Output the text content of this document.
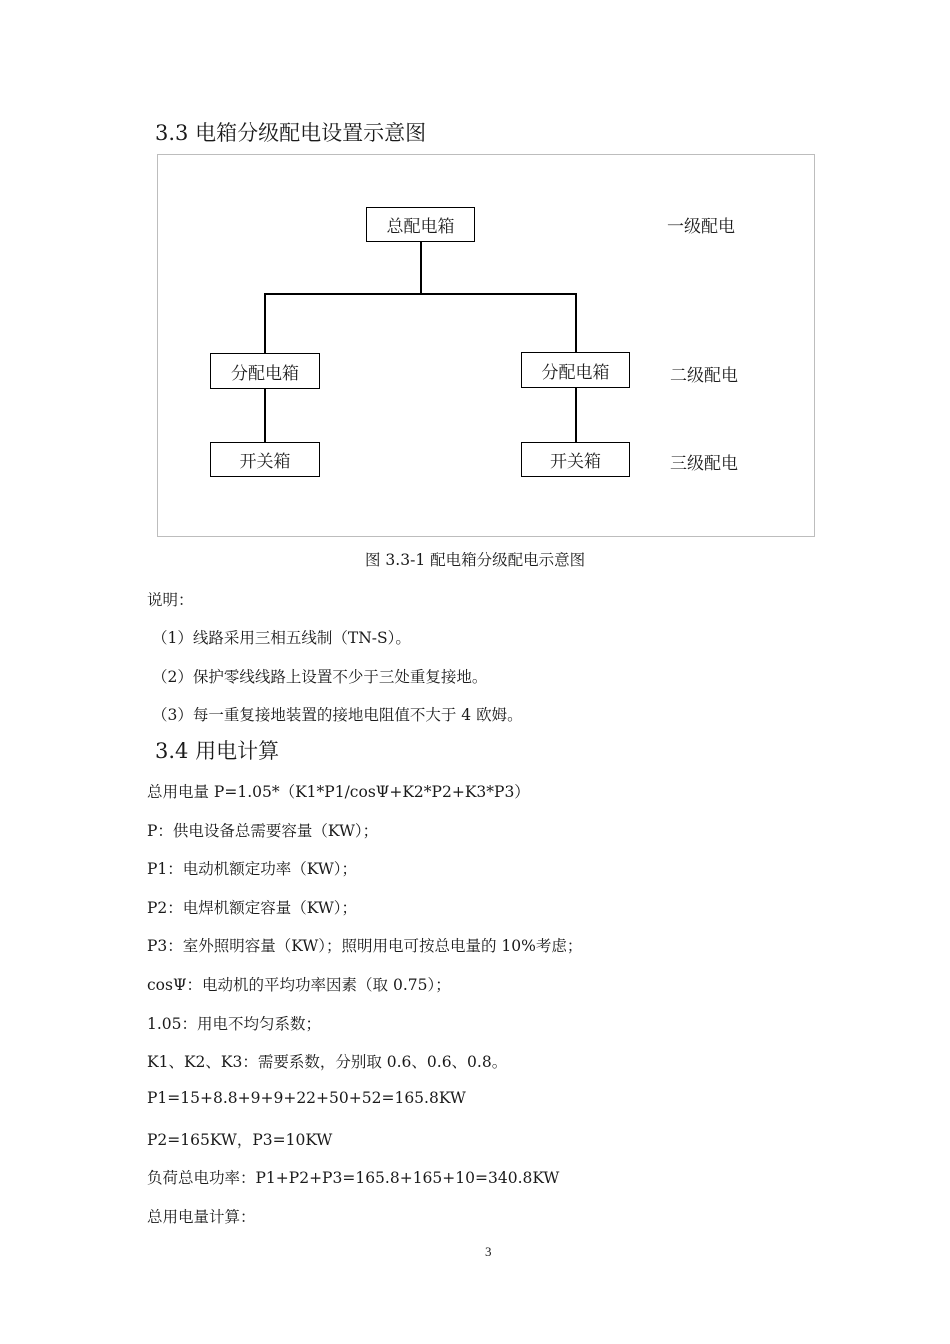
3.3 电箱分级配电设置示意图
总配电箱
分配电箱	分配电箱
开关箱	开关箱
一级配电
二级配电
三级配电
图 3.3-1 配电箱分级配电示意图
说明：
（1）线路采用三相五线制（TN-S）。
（2）保护零线线路上设置不少于三处重复接地。
（3）每一重复接地装置的接地电阻值不大于 4 欧姆。
3.4 用电计算
总用电量 P=1.05*（K1*P1/cosΨ+K2*P2+K3*P3）
P：供电设备总需要容量（KW）；
P1：电动机额定功率（KW）；
P2：电焊机额定容量（KW）；
P3：室外照明容量（KW）；照明用电可按总电量的 10%考虑；
cosΨ：电动机的平均功率因素（取 0.75）；
1.05：用电不均匀系数；
K1、K2、K3：需要系数，分别取 0.6、0.6、0.8。
P1=15+8.8+9+9+22+50+52=165.8KW
P2=165KW，P3=10KW
负荷总电功率：P1+P2+P3=165.8+165+10=340.8KW
总用电量计算：
3
